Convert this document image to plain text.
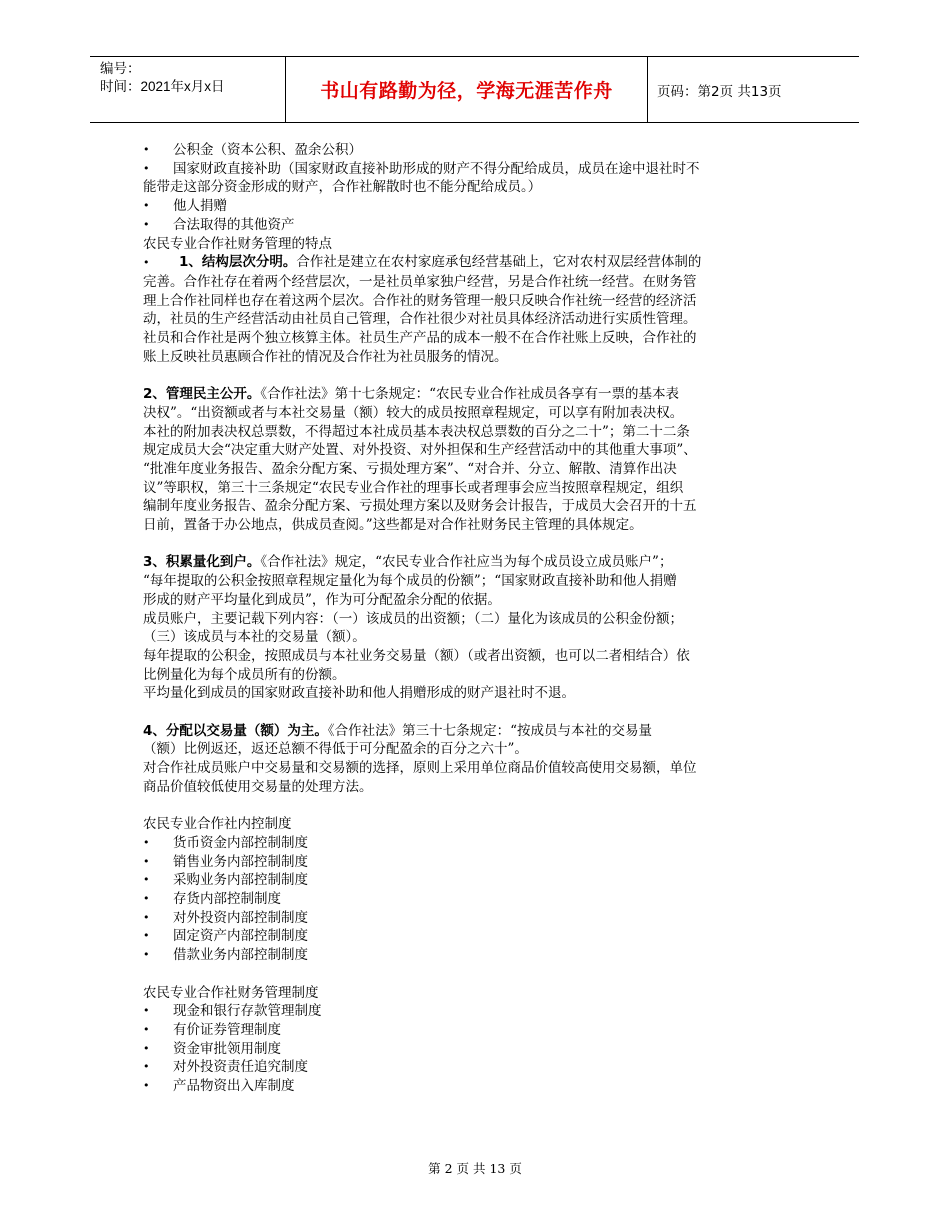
编号：
时间：2021年x月x日	书山有路勤为径，学海无涯苦作舟	页码：第2页 共13页
• 公积金（资本公积、盈余公积）
• 国家财政直接补助（国家财政直接补助形成的财产不得分配给成员，成员在途中退社时不
能带走这部分资金形成的财产，合作社解散时也不能分配给成员。）
• 他人捐赠
• 合法取得的其他资产
农民专业合作社财务管理的特点
• 1、结构层次分明。合作社是建立在农村家庭承包经营基础上，它对农村双层经营体制的
完善。合作社存在着两个经营层次，一是社员单家独户经营，另是合作社统一经营。在财务管
理上合作社同样也存在着这两个层次。合作社的财务管理一般只反映合作社统一经营的经济活
动，社员的生产经营活动由社员自己管理，合作社很少对社员具体经济活动进行实质性管理。
社员和合作社是两个独立核算主体。社员生产产品的成本一般不在合作社账上反映，合作社的
账上反映社员惠顾合作社的情况及合作社为社员服务的情况。
2、管理民主公开。《合作社法》第十七条规定：“农民专业合作社成员各享有一票的基本表
决权”。“出资额或者与本社交易量（额）较大的成员按照章程规定，可以享有附加表决权。
本社的附加表决权总票数，不得超过本社成员基本表决权总票数的百分之二十”；第二十二条
规定成员大会“决定重大财产处置、对外投资、对外担保和生产经营活动中的其他重大事项”、
“批准年度业务报告、盈余分配方案、亏损处理方案”、“对合并、分立、解散、清算作出决
议”等职权，第三十三条规定“农民专业合作社的理事长或者理事会应当按照章程规定，组织
编制年度业务报告、盈余分配方案、亏损处理方案以及财务会计报告，于成员大会召开的十五
日前，置备于办公地点，供成员查阅。”这些都是对合作社财务民主管理的具体规定。
3、积累量化到户。《合作社法》规定，“农民专业合作社应当为每个成员设立成员账户”；
“每年提取的公积金按照章程规定量化为每个成员的份额”；“国家财政直接补助和他人捐赠
形成的财产平均量化到成员”，作为可分配盈余分配的依据。
成员账户，主要记载下列内容：（一）该成员的出资额；（二）量化为该成员的公积金份额；
（三）该成员与本社的交易量（额）。
每年提取的公积金，按照成员与本社业务交易量（额）（或者出资额，也可以二者相结合）依
比例量化为每个成员所有的份额。
平均量化到成员的国家财政直接补助和他人捐赠形成的财产退社时不退。
4、分配以交易量（额）为主。《合作社法》第三十七条规定：“按成员与本社的交易量
（额）比例返还，返还总额不得低于可分配盈余的百分之六十”。
对合作社成员账户中交易量和交易额的选择，原则上采用单位商品价值较高使用交易额，单位
商品价值较低使用交易量的处理方法。
农民专业合作社内控制度
• 货币资金内部控制制度
• 销售业务内部控制制度
• 采购业务内部控制制度
• 存货内部控制制度
• 对外投资内部控制制度
• 固定资产内部控制制度
• 借款业务内部控制制度
农民专业合作社财务管理制度
• 现金和银行存款管理制度
• 有价证券管理制度
• 资金审批领用制度
• 对外投资责任追究制度
• 产品物资出入库制度
第 2 页 共 13 页
